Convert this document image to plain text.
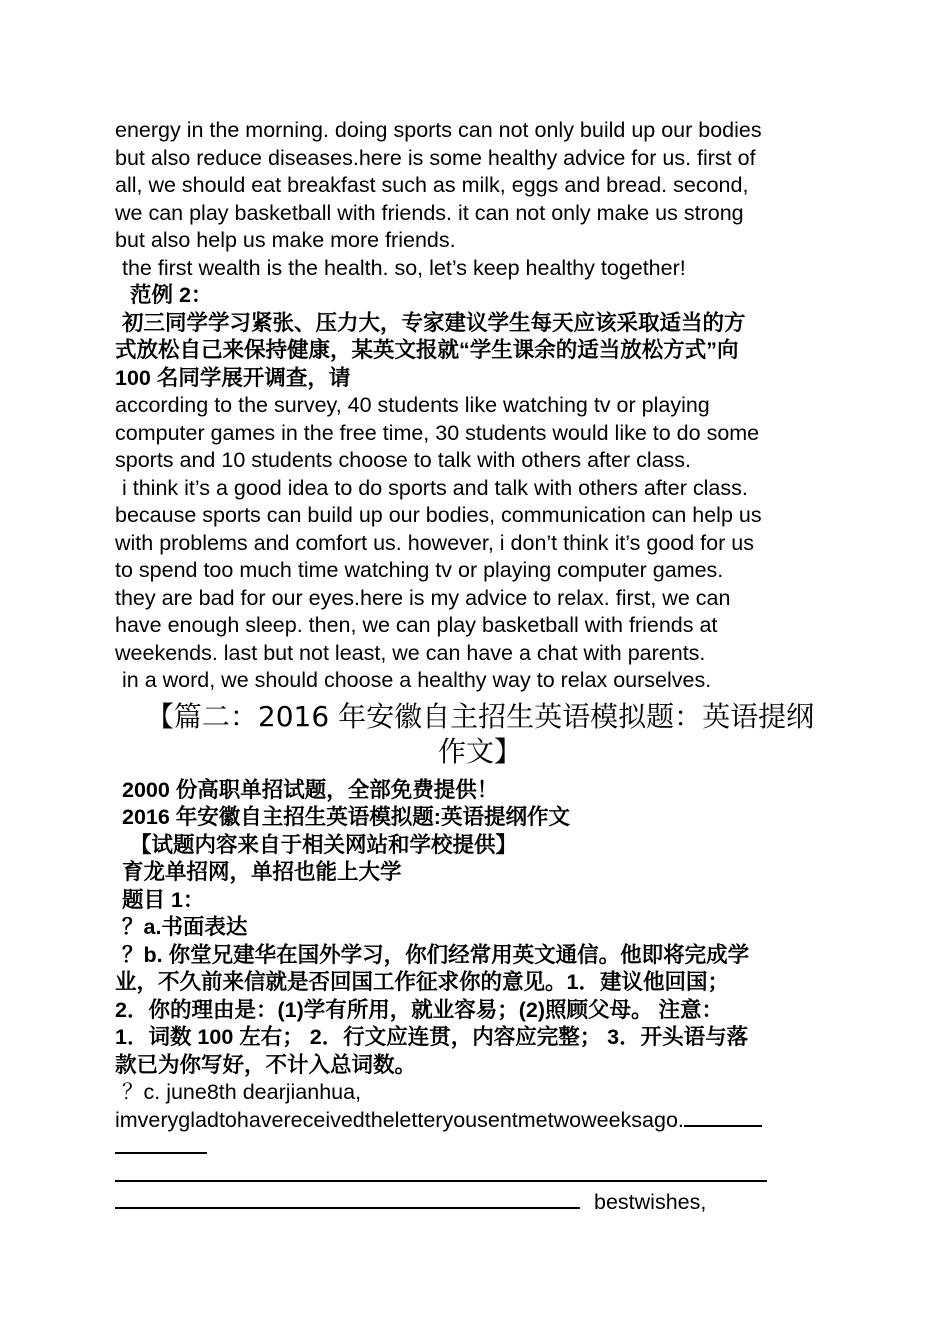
energy in the morning. doing sports can not only build up our bodies

but also reduce diseases.here is some healthy advice for us. first of

all, we should eat breakfast such as milk, eggs and bread. second,

we can play basketball with friends. it can not only make us strong

but also help us make more friends.

the first wealth is the health. so, let’s keep healthy together!

范例 2：

初三同学学习紧张、压力大，专家建议学生每天应该采取适当的方

式放松自己来保持健康，某英文报就“学生课余的适当放松方式”向

100 名同学展开调查，请

according to the survey, 40 students like watching tv or playing

computer games in the free time, 30 students would like to do some

sports and 10 students choose to talk with others after class.

i think it’s a good idea to do sports and talk with others after class.

because sports can build up our bodies, communication can help us

with problems and comfort us. however, i don’t think it’s good for us

to spend too much time watching tv or playing computer games.

they are bad for our eyes.here is my advice to relax. first, we can

have enough sleep. then, we can play basketball with friends at

weekends. last but not least, we can have a chat with parents.

in a word, we should choose a healthy way to relax ourselves.

【篇二：2016 年安徽自主招生英语模拟题：英语提纲
作文】

2000 份高职单招试题，全部免费提供！

2016 年安徽自主招生英语模拟题:英语提纲作文

【试题内容来自于相关网站和学校提供】

育龙单招网，单招也能上大学

题目 1：

？a.书面表达

？b. 你堂兄建华在国外学习，你们经常用英文通信。他即将完成学

业，不久前来信就是否回国工作征求你的意见。1．建议他回国；

2．你的理由是：(1)学有所用，就业容易；(2)照顾父母。 注意：

1．词数 100 左右； 2．行文应连贯，内容应完整； 3．开头语与落

款已为你写好，不计入总词数。

？c. june8th dearjianhua,

imverygladtohavereceivedtheletteryousentmetwoweeksago.

bestwishes,
